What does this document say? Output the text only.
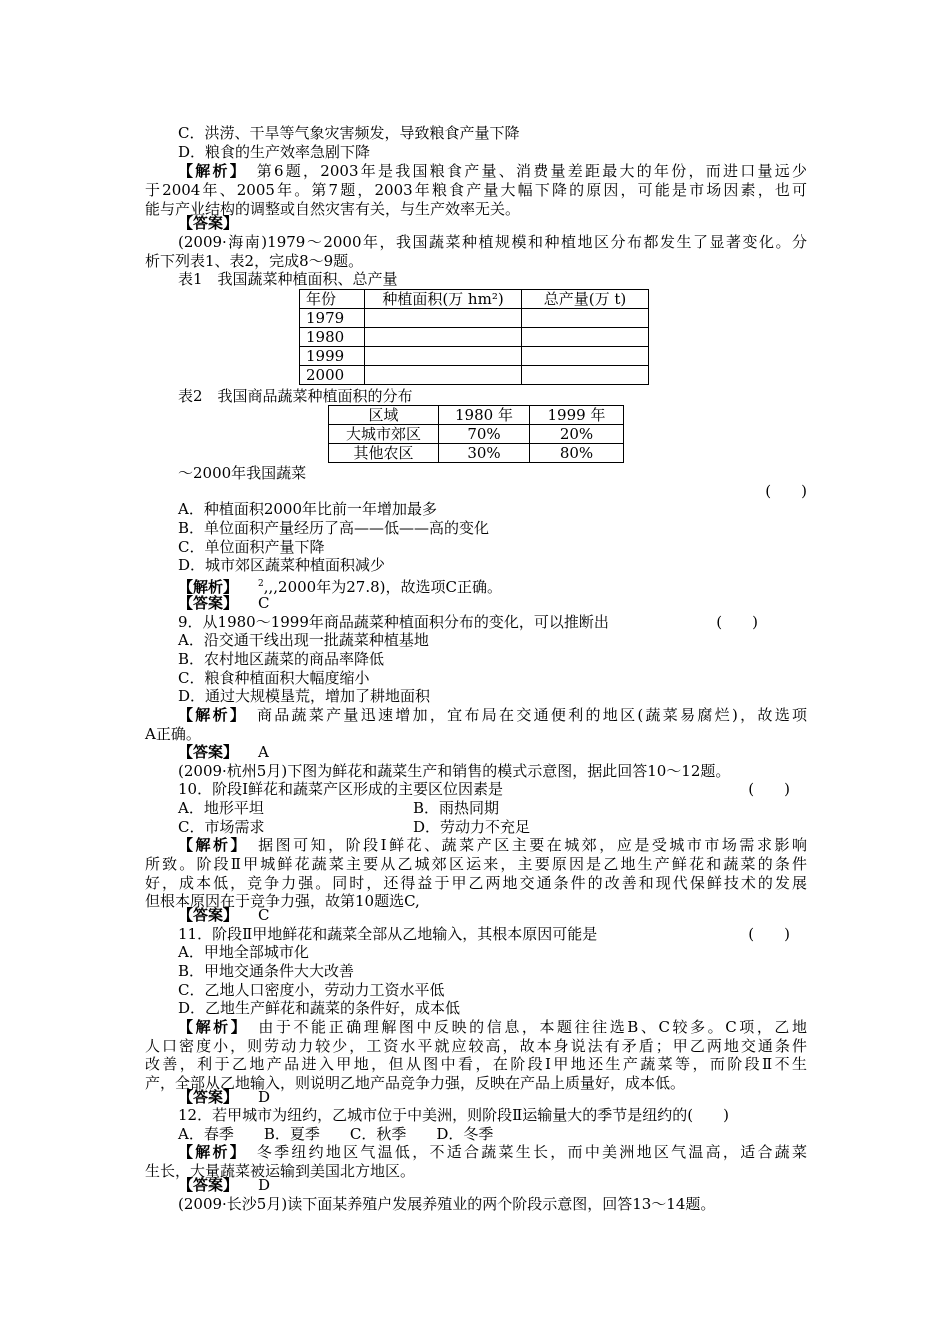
C．洪涝、干旱等气象灾害频发，导致粮食产量下降
D．粮食的生产效率急剧下降
【解析】　第6题，2003年是我国粮食产量、消费量差距最大的年份，而进口量远少
于2004年、2005年。第7题，2003年粮食产量大幅下降的原因，可能是市场因素，也可
能与产业结构的调整或自然灾害有关，与生产效率无关。
【答案】
(2009·海南)1979～2000年，我国蔬菜种植规模和种植地区分布都发生了显著变化。分
析下列表1、表2，完成8～9题。
表1　我国蔬菜种植面积、总产量
年份	种植面积(万 hm²)	总产量(万 t)
1979		
1980		
1999		
2000		
表2　我国商品蔬菜种植面积的分布
区域	1980 年	1999 年
大城市郊区	70%	20%
其他农区	30%	80%
～2000年我国蔬菜
(　　)
A．种植面积2000年比前一年增加最多
B．单位面积产量经历了高——低——高的变化
C．单位面积产量下降
D．城市郊区蔬菜种植面积减少
【解析】 $^2$,,,2000年为27.8)，故选项C正确。
【答案】 C
9．从1980～1999年商品蔬菜种植面积分布的变化，可以推断出	(　　)
A．沿交通干线出现一批蔬菜种植基地
B．农村地区蔬菜的商品率降低
C．粮食种植面积大幅度缩小
D．通过大规模垦荒，增加了耕地面积
【解析】　商品蔬菜产量迅速增加，宜布局在交通便利的地区(蔬菜易腐烂)，故选项
A正确。
【答案】 A
(2009·杭州5月)下图为鲜花和蔬菜生产和销售的模式示意图，据此回答10～12题。
10．阶段Ⅰ鲜花和蔬菜产区形成的主要区位因素是	(　　)
A．地形平坦	B．雨热同期
C．市场需求	D．劳动力不充足
【解析】　据图可知，阶段Ⅰ鲜花、蔬菜产区主要在城郊，应是受城市市场需求影响
所致。阶段Ⅱ甲城鲜花蔬菜主要从乙城郊区运来，主要原因是乙地生产鲜花和蔬菜的条件
好，成本低，竞争力强。同时，还得益于甲乙两地交通条件的改善和现代保鲜技术的发展
但根本原因在于竞争力强，故第10题选C,
【答案】 C
11．阶段Ⅱ甲地鲜花和蔬菜全部从乙地输入，其根本原因可能是	(　　)
A．甲地全部城市化
B．甲地交通条件大大改善
C．乙地人口密度小，劳动力工资水平低
D．乙地生产鲜花和蔬菜的条件好，成本低
【解析】　由于不能正确理解图中反映的信息，本题往往选B、C较多。C项，乙地
人口密度小，则劳动力较少，工资水平就应较高，故本身说法有矛盾；甲乙两地交通条件
改善，利于乙地产品进入甲地，但从图中看，在阶段Ⅰ甲地还生产蔬菜等，而阶段Ⅱ不生
产，全部从乙地输入，则说明乙地产品竞争力强，反映在产品上质量好，成本低。
【答案】 D
12．若甲城市为纽约，乙城市位于中美洲，则阶段Ⅱ运输量大的季节是纽约的(　　)
A．春季　　B．夏季　　C．秋季　　D．冬季
【解析】　冬季纽约地区气温低，不适合蔬菜生长，而中美洲地区气温高，适合蔬菜
生长，大量蔬菜被运输到美国北方地区。
【答案】 D
(2009·长沙5月)读下面某养殖户发展养殖业的两个阶段示意图，回答13～14题。
